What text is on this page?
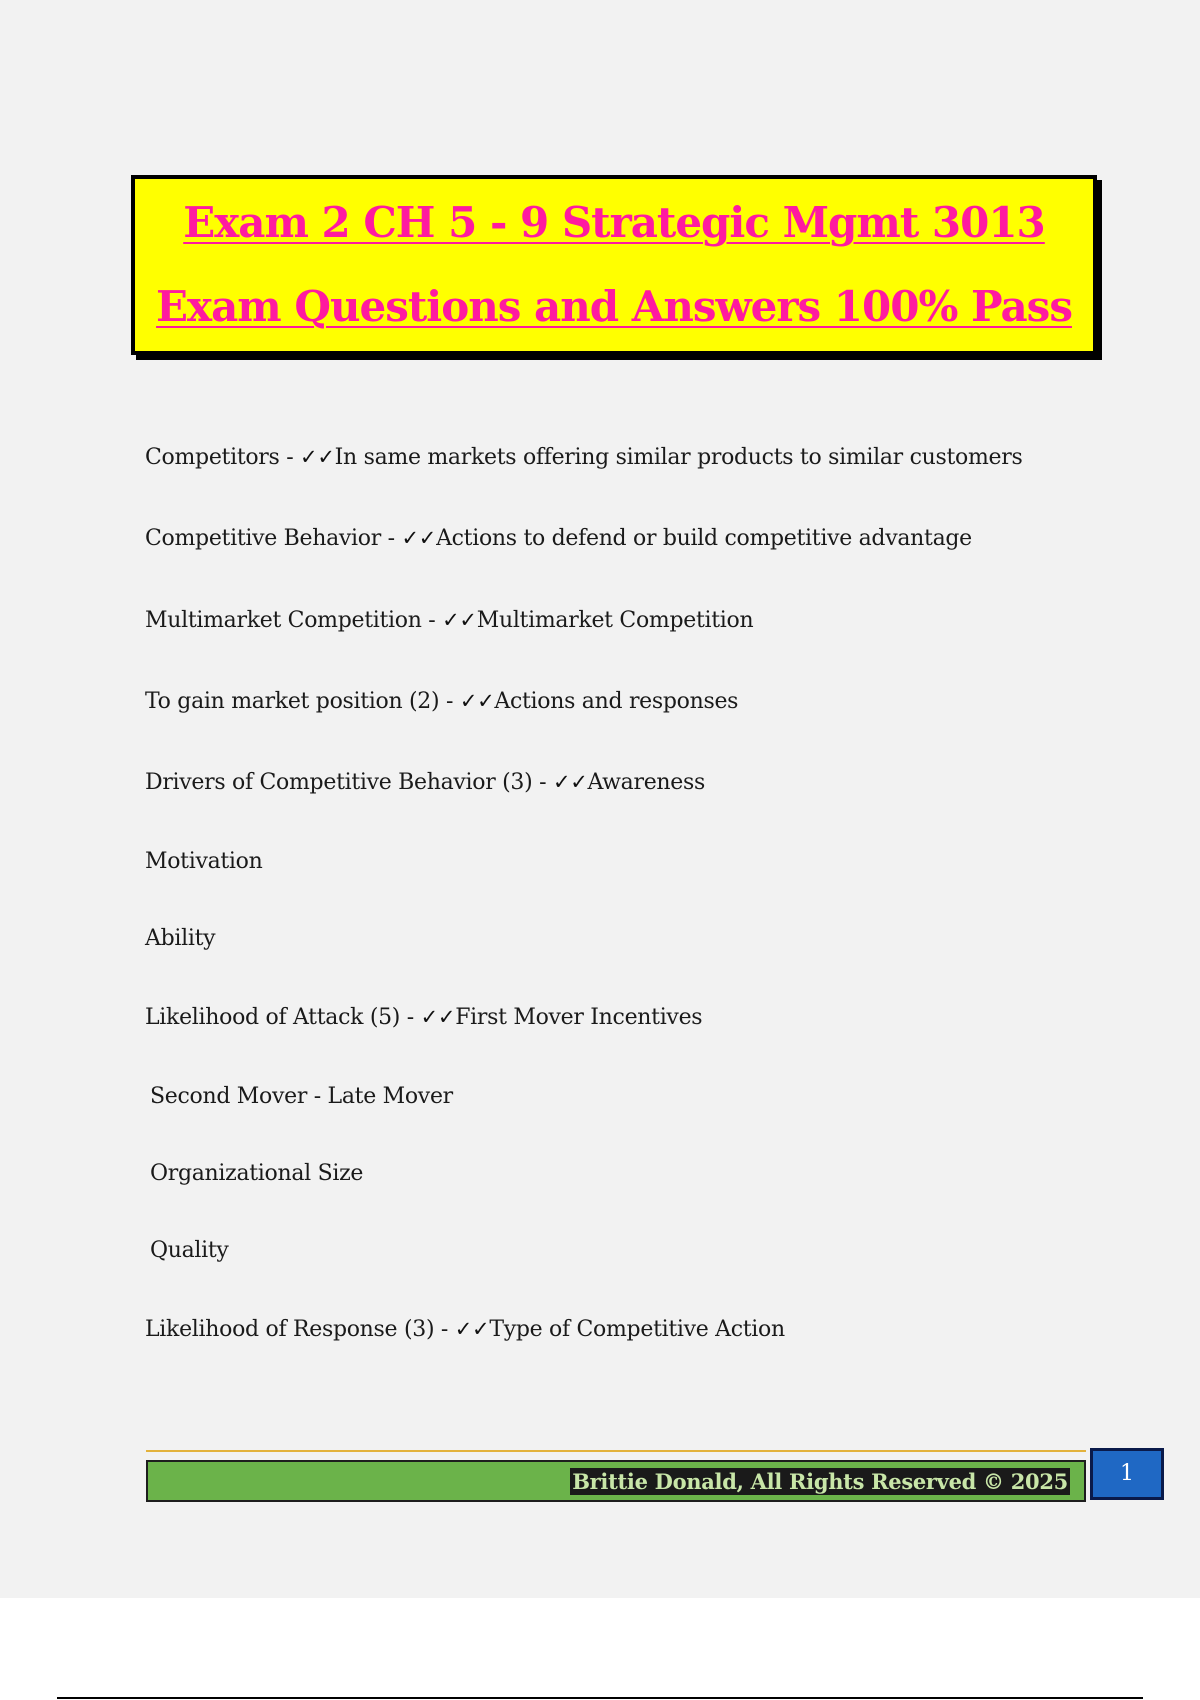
Exam 2 CH 5 - 9 Strategic Mgmt 3013
Exam Questions and Answers 100% Pass
Competitors - ✓✓In same markets offering similar products to similar customers
Competitive Behavior - ✓✓Actions to defend or build competitive advantage
Multimarket Competition - ✓✓Multimarket Competition
To gain market position (2) - ✓✓Actions and responses
Drivers of Competitive Behavior (3) - ✓✓Awareness
Motivation
Ability
Likelihood of Attack (5) - ✓✓First Mover Incentives
Second Mover - Late Mover
Organizational Size
Quality
Likelihood of Response (3) - ✓✓Type of Competitive Action
Brittie Donald, All Rights Reserved © 2025	1
